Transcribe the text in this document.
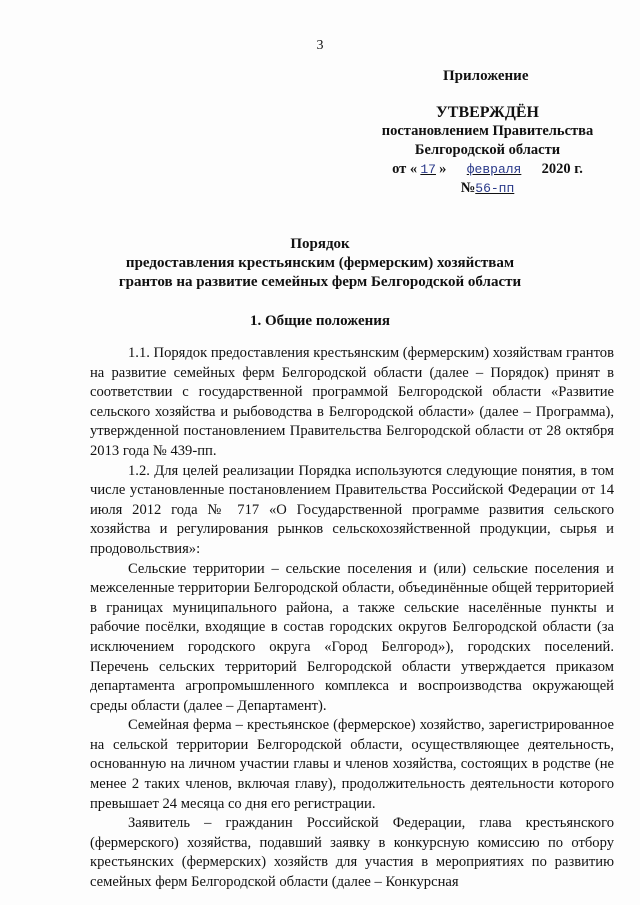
3
Приложение
УТВЕРЖДЁН
постановлением Правительства
Белгородской области
от « 17 » февраля 2020 г.
№56-пп
Порядок
предоставления крестьянским (фермерским) хозяйствам
грантов на развитие семейных ферм Белгородской области
1. Общие положения

1.1. Порядок предоставления крестьянским (фермерским) хозяйствам грантов на развитие семейных ферм Белгородской области (далее – Порядок) принят в соответствии с государственной программой Белгородской области «Развитие сельского хозяйства и рыбоводства в Белгородской области» (далее – Программа), утвержденной постановлением Правительства Белгородской области от 28 октября 2013 года № 439-пп.

1.2. Для целей реализации Порядка используются следующие понятия, в том числе установленные постановлением Правительства Российской Федерации от 14 июля 2012 года № 717 «О Государственной программе развития сельского хозяйства и регулирования рынков сельскохозяйственной продукции, сырья и продовольствия»:

Сельские территории – сельские поселения и (или) сельские поселения и межселенные территории Белгородской области, объединённые общей территорией в границах муниципального района, а также сельские населённые пункты и рабочие посёлки, входящие в состав городских округов Белгородской области (за исключением городского округа «Город Белгород»), городских поселений. Перечень сельских территорий Белгородской области утверждается приказом департамента агропромышленного комплекса и воспроизводства окружающей среды области (далее – Департамент).

Семейная ферма – крестьянское (фермерское) хозяйство, зарегистрированное на сельской территории Белгородской области, осуществляющее деятельность, основанную на личном участии главы и членов хозяйства, состоящих в родстве (не менее 2 таких членов, включая главу), продолжительность деятельности которого превышает 24 месяца со дня его регистрации.

Заявитель – гражданин Российской Федерации, глава крестьянского (фермерского) хозяйства, подавший заявку в конкурсную комиссию по отбору крестьянских (фермерских) хозяйств для участия в мероприятиях по развитию семейных ферм Белгородской области (далее – Конкурсная
